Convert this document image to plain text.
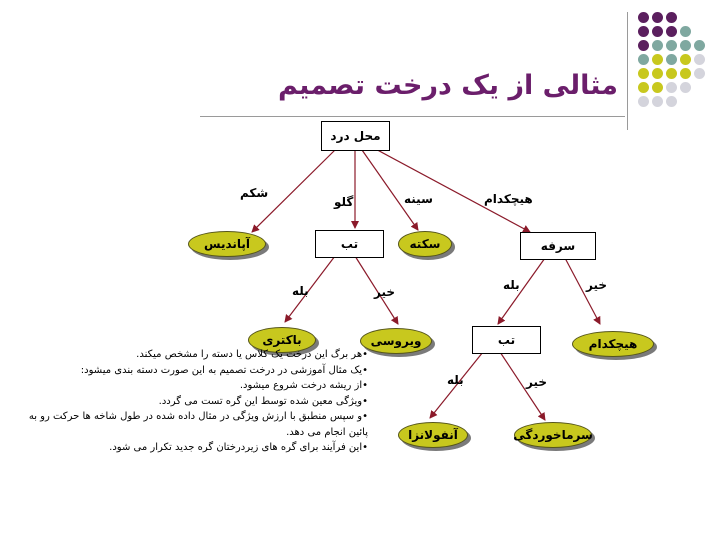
مثالی از یک درخت تصمیم
محل درد
تب	سرفه
تب
آپاندیس	سکته
باکتری	ویروسی	هیچکدام
آنفولانزا	سرماخوردگی
شکم
گلو	سینه	هیچکدام
بله	خیر	بله	خیر
بله	خیر

•هر برگ این درخت یک کلاس یا دسته را مشخص میکند.

•یک مثال آموزشی در درخت تصمیم به این صورت دسته بندی میشود:

•از ریشه درخت شروع میشود.

•ویژگی معین شده توسط این گره تست می گردد.

•و سپس منطبق با ارزش ویژگی در مثال داده شده در طول شاخه ها حرکت رو به پائین انجام می دهد.

•این فرآیند برای گره های زیردرختان گره جدید تکرار می شود.
